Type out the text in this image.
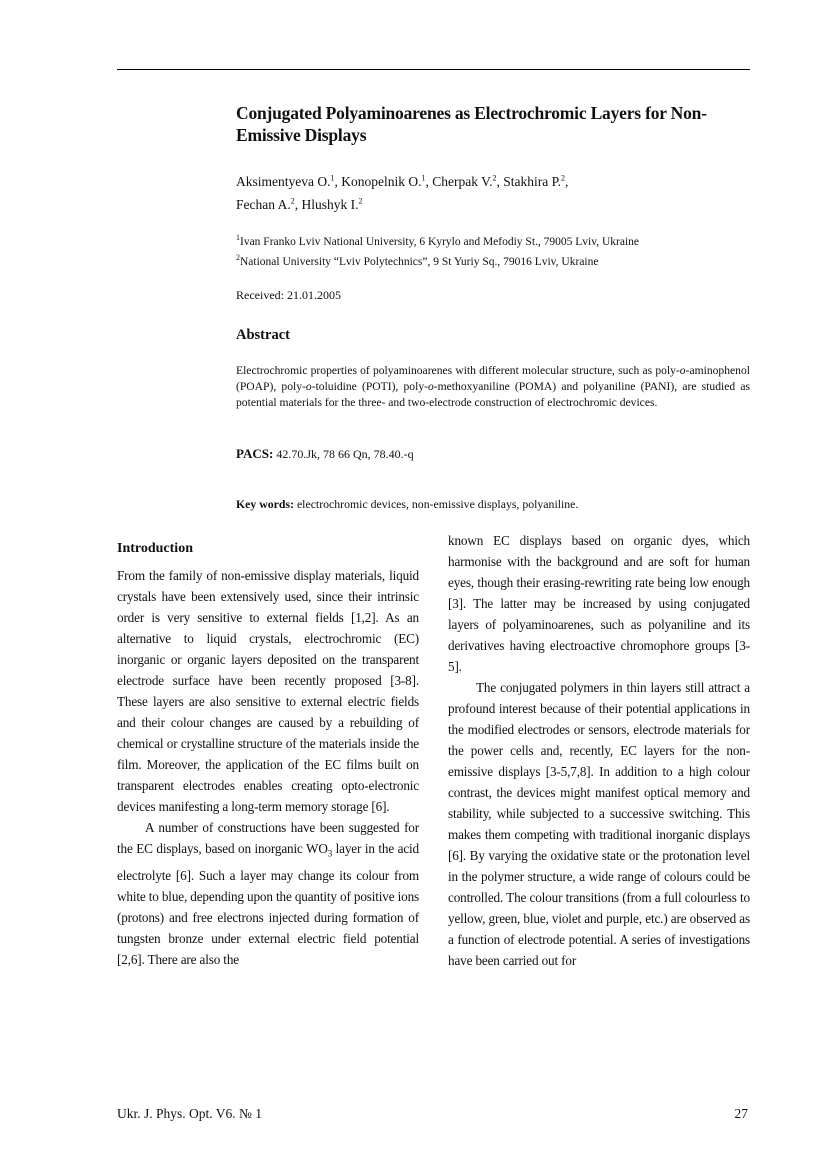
Conjugated Polyaminoarenes as Electrochromic Layers for Non-Emissive Displays
Aksimentyeva O.$^1$, Konopelnik O.$^1$, Cherpak V.$^2$, Stakhira P.$^2$,
Fechan A.$^2$, Hlushyk I.$^2$
$^1$Ivan Franko Lviv National University, 6 Kyrylo and Mefodiy St., 79005 Lviv, Ukraine
$^2$National University “Lviv Polytechnics”, 9 St Yuriy Sq., 79016 Lviv, Ukraine
Received: 21.01.2005
Abstract
Electrochromic properties of polyaminoarenes with different molecular structure, such as poly-o-aminophenol (POAP), poly-o-toluidine (POTI), poly-o-methoxyaniline (POMA) and polyaniline (PANI), are studied as potential materials for the three- and two-electrode construction of electrochromic devices.
PACS: 42.70.Jk, 78 66 Qn, 78.40.-q
Key words: electrochromic devices, non-emissive displays, polyaniline.
Introduction

From the family of non-emissive display materials, liquid crystals have been extensively used, since their intrinsic order is very sensitive to external fields [1,2]. As an alternative to liquid crystals, electrochromic (EC) inorganic or organic layers deposited on the transparent electrode surface have been recently proposed [3-8]. These layers are also sensitive to external electric fields and their colour changes are caused by a rebuilding of chemical or crystalline structure of the materials inside the film. Moreover, the application of the EC films built on transparent electrodes enables creating opto-electronic devices manifesting a long-term memory storage [6].

A number of constructions have been suggested for the EC displays, based on inorganic $WO_3$ layer in the acid electrolyte [6]. Such a layer may change its colour from white to blue, depending upon the quantity of positive ions (protons) and free electrons injected during formation of tungsten bronze under external electric field potential [2,6]. There are also the

known EC displays based on organic dyes, which harmonise with the background and are soft for human eyes, though their erasing-rewriting rate being low enough [3]. The latter may be increased by using conjugated layers of polyaminoarenes, such as polyaniline and its derivatives having electroactive chromophore groups [3-5].

The conjugated polymers in thin layers still attract a profound interest because of their potential applications in the modified electrodes or sensors, electrode materials for the power cells and, recently, EC layers for the non-emissive displays [3-5,7,8]. In addition to a high colour contrast, the devices might manifest optical memory and stability, while subjected to a successive switching. This makes them competing with traditional inorganic displays [6]. By varying the oxidative state or the protonation level in the polymer structure, a wide range of colours could be controlled. The colour transitions (from a full colourless to yellow, green, blue, violet and purple, etc.) are observed as a function of electrode potential. A series of investigations have been carried out for

Ukr. J. Phys. Opt. V6. № 1	27
